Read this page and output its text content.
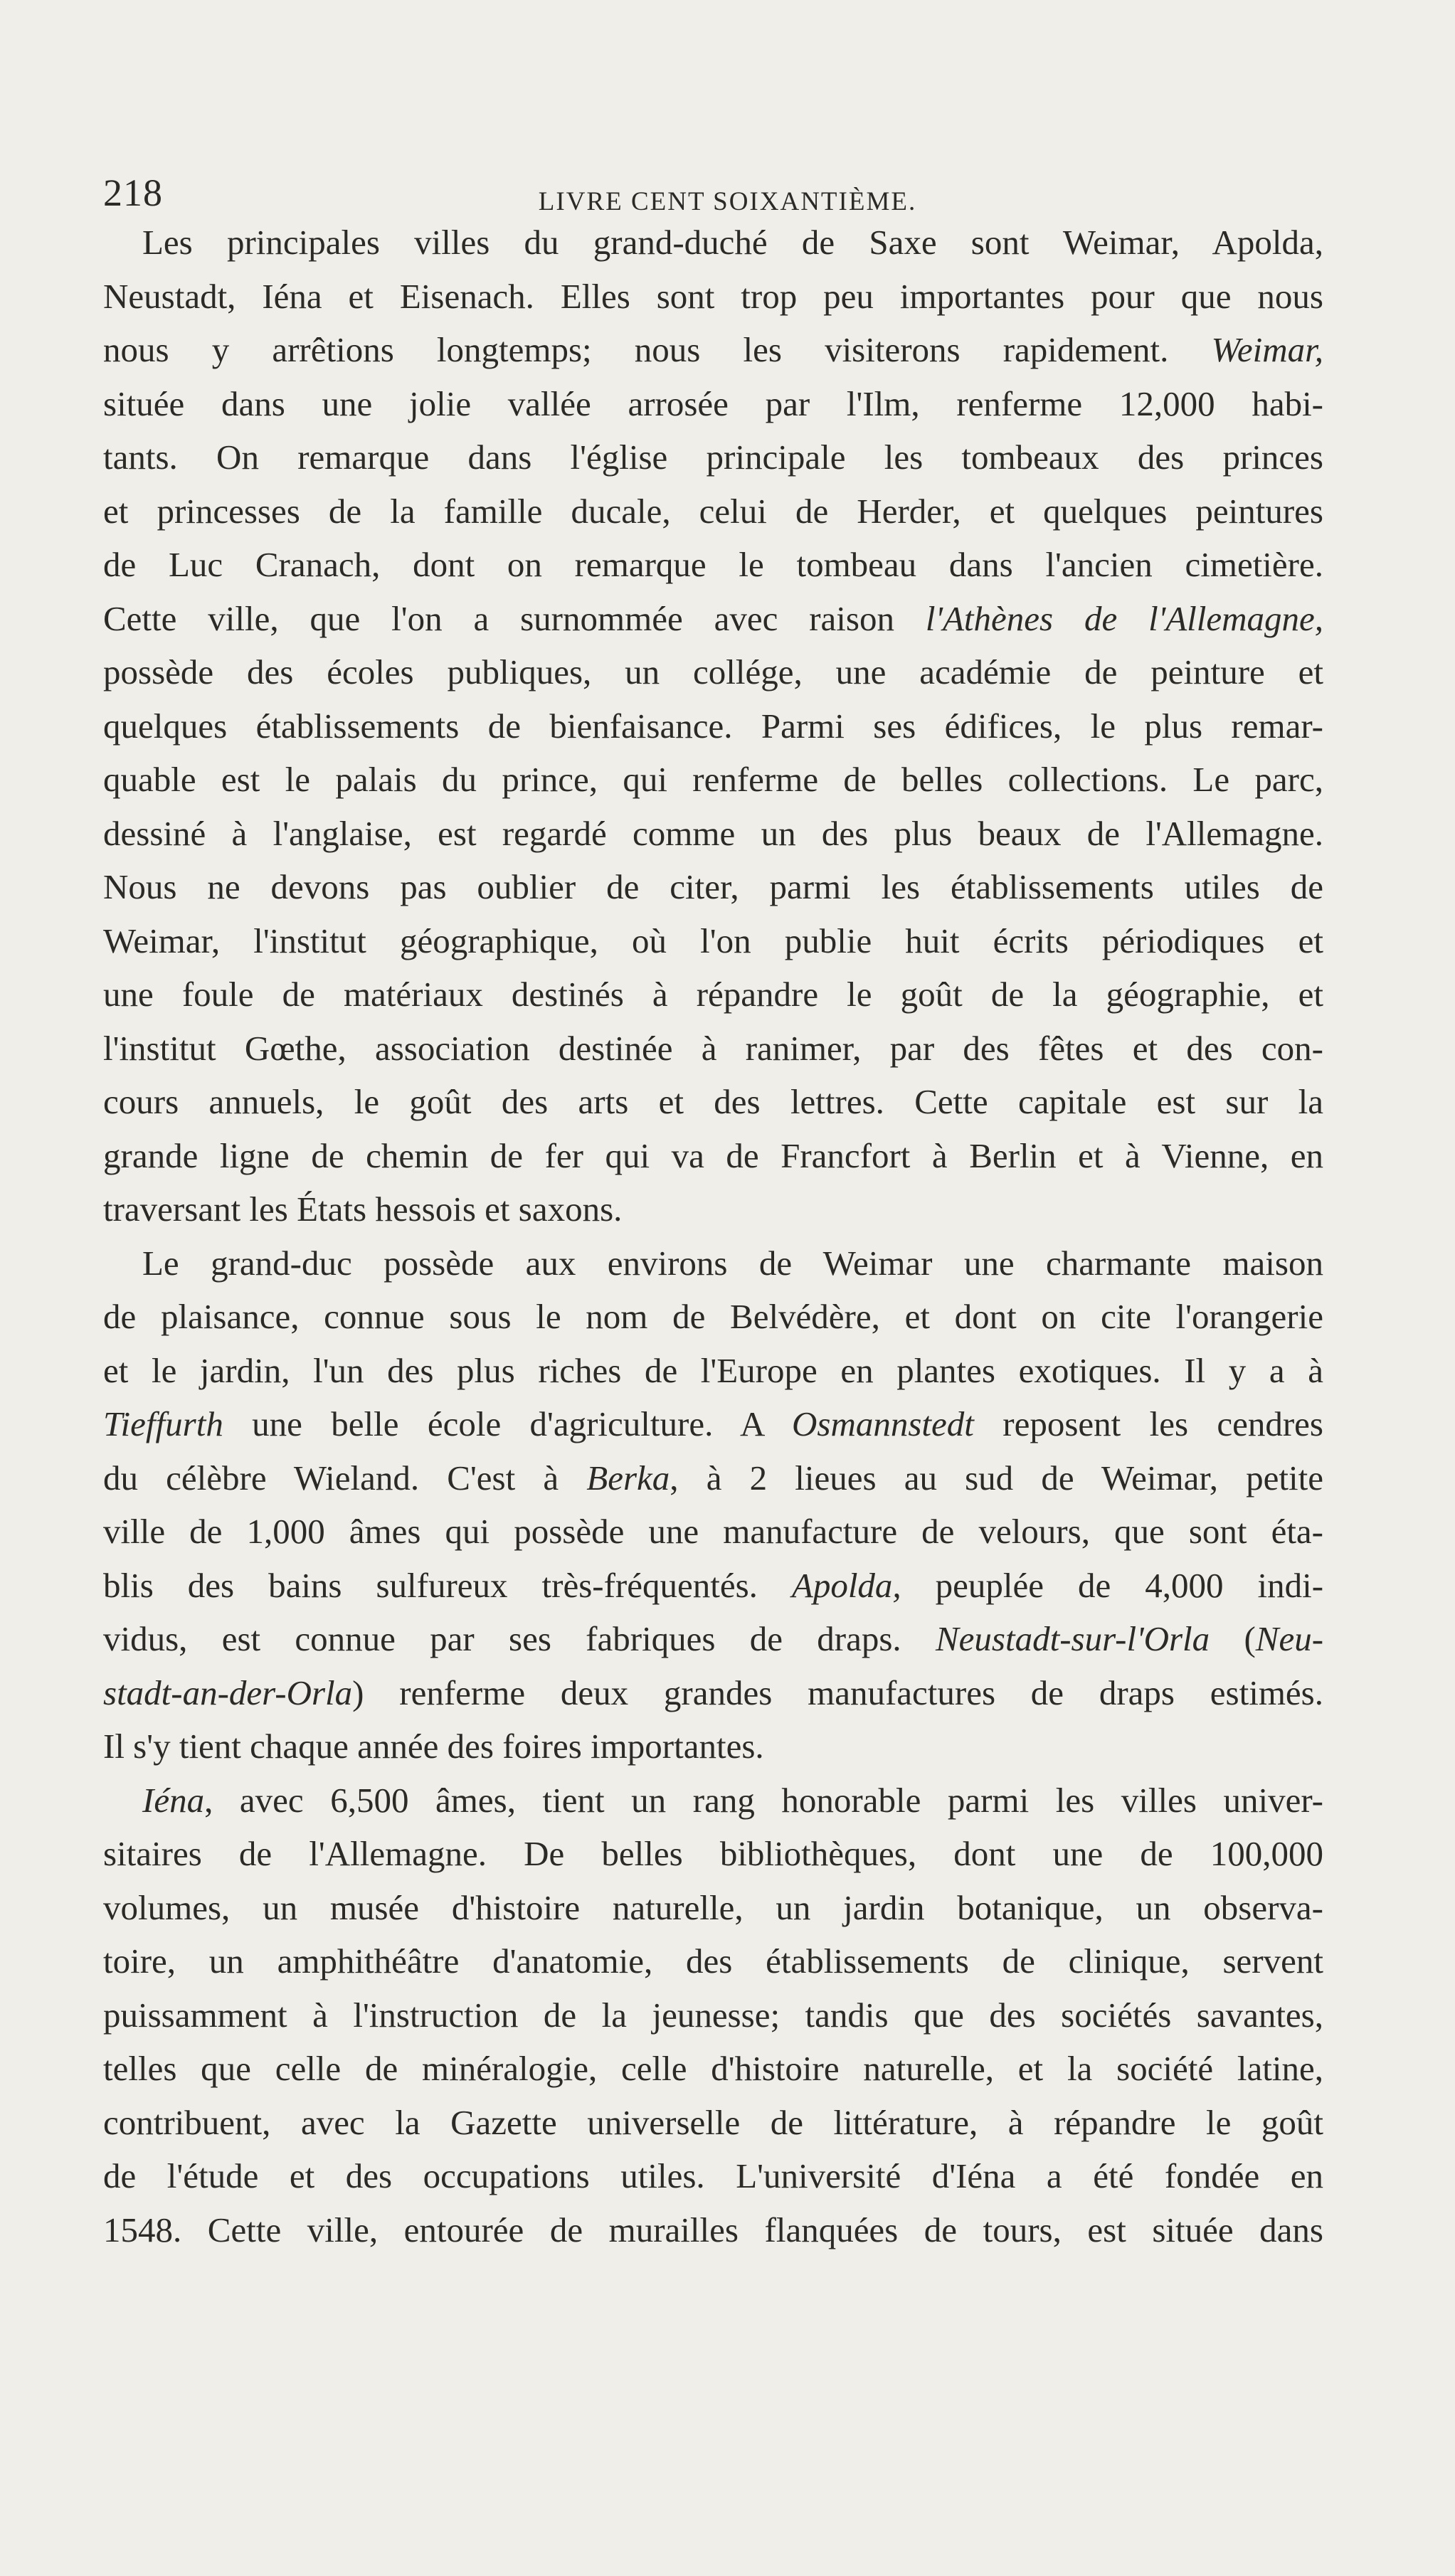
218	LIVRE CENT SOIXANTIÈME.
Les principales villes du grand-duché de Saxe sont Weimar, Apolda,
Neustadt, Iéna et Eisenach. Elles sont trop peu importantes pour que nous
nous y arrêtions longtemps; nous les visiterons rapidement. Weimar,
située dans une jolie vallée arrosée par l'Ilm, renferme 12,000 habi-
tants. On remarque dans l'église principale les tombeaux des princes
et princesses de la famille ducale, celui de Herder, et quelques peintures
de Luc Cranach, dont on remarque le tombeau dans l'ancien cimetière.
Cette ville, que l'on a surnommée avec raison l'Athènes de l'Allemagne,
possède des écoles publiques, un collége, une académie de peinture et
quelques établissements de bienfaisance. Parmi ses édifices, le plus remar-
quable est le palais du prince, qui renferme de belles collections. Le parc,
dessiné à l'anglaise, est regardé comme un des plus beaux de l'Allemagne.
Nous ne devons pas oublier de citer, parmi les établissements utiles de
Weimar, l'institut géographique, où l'on publie huit écrits périodiques et
une foule de matériaux destinés à répandre le goût de la géographie, et
l'institut Gœthe, association destinée à ranimer, par des fêtes et des con-
cours annuels, le goût des arts et des lettres. Cette capitale est sur la
grande ligne de chemin de fer qui va de Francfort à Berlin et à Vienne, en
traversant les États hessois et saxons.
Le grand-duc possède aux environs de Weimar une charmante maison
de plaisance, connue sous le nom de Belvédère, et dont on cite l'orangerie
et le jardin, l'un des plus riches de l'Europe en plantes exotiques. Il y a à
Tieffurth une belle école d'agriculture. A Osmannstedt reposent les cendres
du célèbre Wieland. C'est à Berka, à 2 lieues au sud de Weimar, petite
ville de 1,000 âmes qui possède une manufacture de velours, que sont éta-
blis des bains sulfureux très-fréquentés. Apolda, peuplée de 4,000 indi-
vidus, est connue par ses fabriques de draps. Neustadt-sur-l'Orla (Neu-
stadt-an-der-Orla) renferme deux grandes manufactures de draps estimés.
Il s'y tient chaque année des foires importantes.
Iéna, avec 6,500 âmes, tient un rang honorable parmi les villes univer-
sitaires de l'Allemagne. De belles bibliothèques, dont une de 100,000
volumes, un musée d'histoire naturelle, un jardin botanique, un observa-
toire, un amphithéâtre d'anatomie, des établissements de clinique, servent
puissamment à l'instruction de la jeunesse; tandis que des sociétés savantes,
telles que celle de minéralogie, celle d'histoire naturelle, et la société latine,
contribuent, avec la Gazette universelle de littérature, à répandre le goût
de l'étude et des occupations utiles. L'université d'Iéna a été fondée en
1548. Cette ville, entourée de murailles flanquées de tours, est située dans
